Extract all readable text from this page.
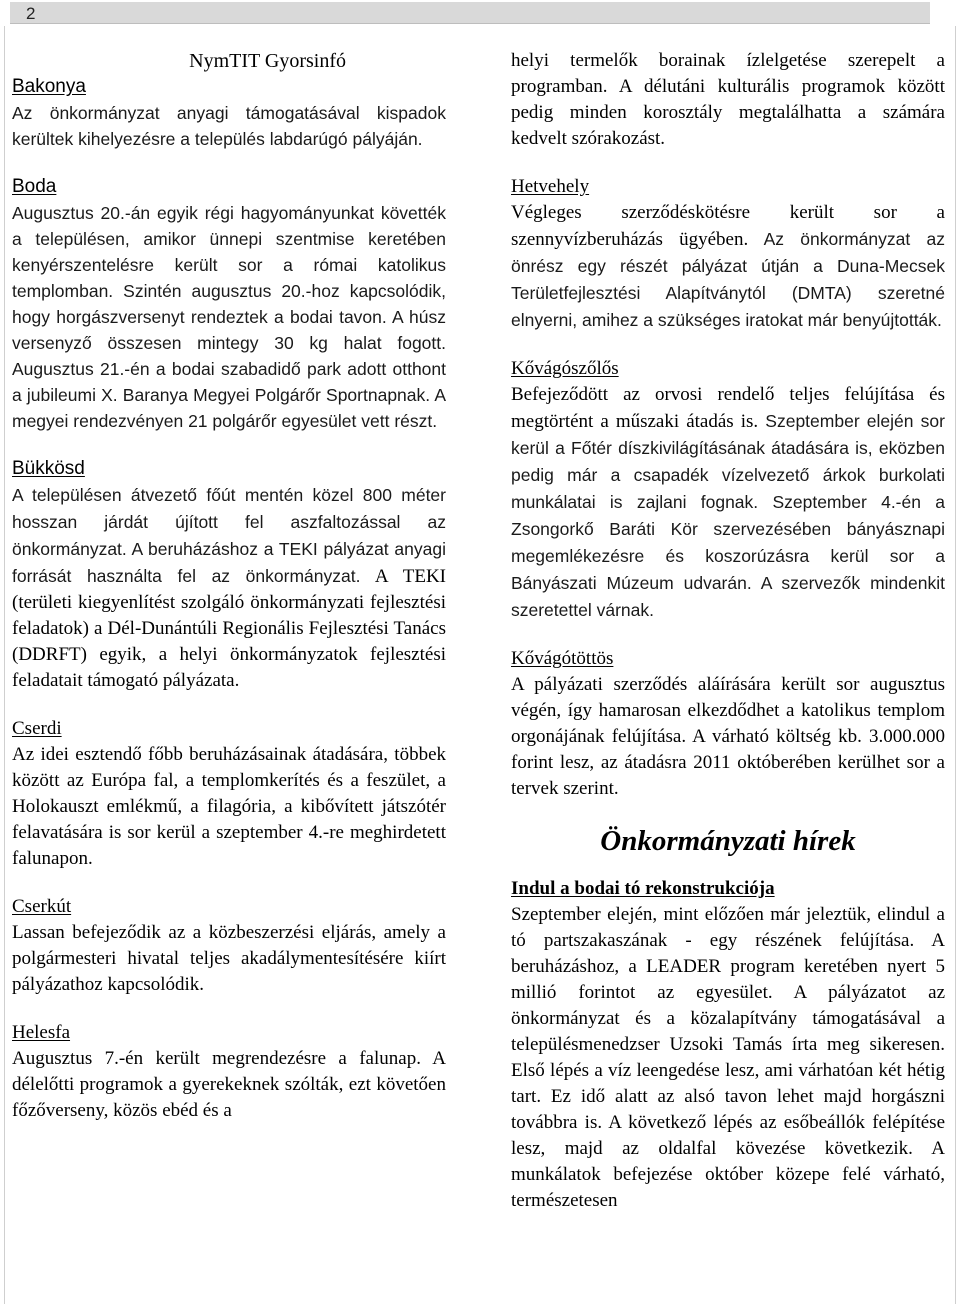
2
NymTIT Gyorsinfó
Bakonya
Az önkormányzat anyagi támogatásával kispadok kerültek kihelyezésre a település labdarúgó pályáján.
Boda
Augusztus 20.-án egyik régi hagyományunkat követték a településen, amikor ünnepi szentmise keretében kenyérszentelésre került sor a római katolikus templomban. Szintén augusztus 20.-hoz kapcsolódik, hogy horgászversenyt rendeztek a bodai tavon. A húsz versenyző összesen mintegy 30 kg halat fogott. Augusztus 21.-én a bodai szabadidő park adott otthont a jubileumi X. Baranya Megyei Polgárőr Sportnapnak. A megyei rendezvényen 21 polgárőr egyesület vett részt.
Bükkösd
A településen átvezető főút mentén közel 800 méter hosszan járdát újított fel aszfaltozással az önkormányzat. A beruházáshoz a TEKI pályázat anyagi forrását használta fel az önkormányzat. A TEKI (területi kiegyenlítést szolgáló önkormányzati fejlesztési feladatok) a Dél-Dunántúli Regionális Fejlesztési Tanács (DDRFT) egyik, a helyi önkormányzatok fejlesztési feladatait támogató pályázata.
Cserdi
Az idei esztendő főbb beruházásainak átadására, többek között az Európa fal, a templomkerítés és a feszület, a Holokauszt emlékmű, a filagória, a kibővített játszótér felavatására is sor kerül a szeptember 4.-re meghirdetett falunapon.
Cserkút
Lassan befejeződik az a közbeszerzési eljárás, amely a polgármesteri hivatal teljes akadálymentesítésére kiírt pályázathoz kapcsolódik.
Helesfa
Augusztus 7.-én került megrendezésre a falunap. A délelőtti programok a gyerekeknek szólták, ezt követően főzőverseny, közös ebéd és a
helyi termelők borainak ízlelgetése szerepelt a programban. A délutáni kulturális programok között pedig minden korosztály megtalálhatta a számára kedvelt szórakozást.
Hetvehely
Végleges szerződéskötésre került sor a szennyvízberuházás ügyében. Az önkormányzat az önrész egy részét pályázat útján a Duna-Mecsek Területfejlesztési Alapítványtól (DMTA) szeretné elnyerni, amihez a szükséges iratokat már benyújtották.
Kővágószőlős
Befejeződött az orvosi rendelő teljes felújítása és megtörtént a műszaki átadás is. Szeptember elején sor kerül a Főtér díszkivilágításának átadására is, eközben pedig már a csapadék vízelvezető árkok burkolati munkálatai is zajlani fognak. Szeptember 4.-én a Zsongorkő Baráti Kör szervezésében bányásznapi megemlékezésre és koszorúzásra kerül sor a Bányászati Múzeum udvarán. A szervezők mindenkit szeretettel várnak.
Kővágótöttös
A pályázati szerződés aláírására került sor augusztus végén, így hamarosan elkezdődhet a katolikus templom orgonájának felújítása. A várható költség kb. 3.000.000 forint lesz, az átadásra 2011 októberében kerülhet sor a tervek szerint.
Önkormányzati hírek
Indul a bodai tó rekonstrukciója
Szeptember elején, mint előzően már jeleztük, elindul a tó partszakaszának - egy részének felújítása. A beruházáshoz, a LEADER program keretében nyert 5 millió forintot az egyesület. A pályázatot az önkormányzat és a közalapítvány támogatásával a településmenedzser Uzsoki Tamás írta meg sikeresen. Első lépés a víz leengedése lesz, ami várhatóan két hétig tart. Ez idő alatt az alsó tavon lehet majd horgászni továbbra is. A következő lépés az esőbeállók felépítése lesz, majd az oldalfal kövezése következik. A munkálatok befejezése október közepe felé várható, természetesen
